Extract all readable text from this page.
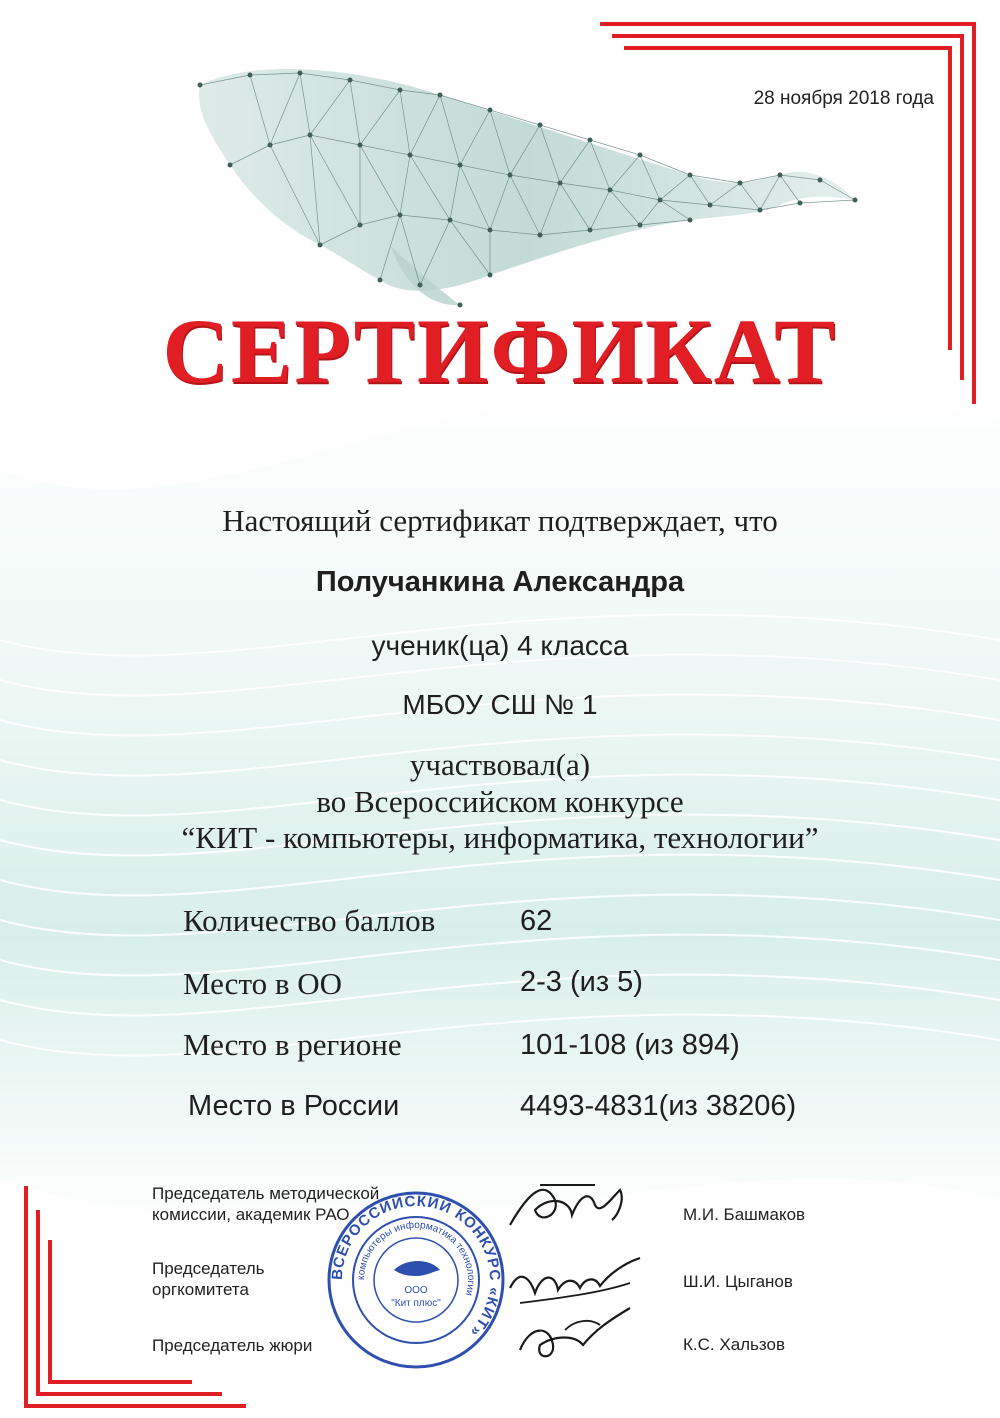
28 ноября 2018 года
СЕРТИФИКАТ
Настоящий сертификат подтверждает, что
Получанкина Александра
ученик(ца) 4 класса
МБОУ СШ № 1
участвовал(а)
во Всероссийском конкурсе
“КИТ - компьютеры, информатика, технологии”
Количество баллов	62
Место в ОО	2-3 (из 5)
Место в регионе	101-108 (из 894)
Место в России	4493-4831(из 38206)
Председатель методической
комиссии, академик РАО	М.И. Башмаков
Председатель
оргкомитета	Ш.И. Цыганов
Председатель жюри	К.С. Хальзов
ВСЕРОССИЙСКИЙ КОНКУРС «КИТ»
компьютеры информатика технологии
ООО
"Кит плюс"
